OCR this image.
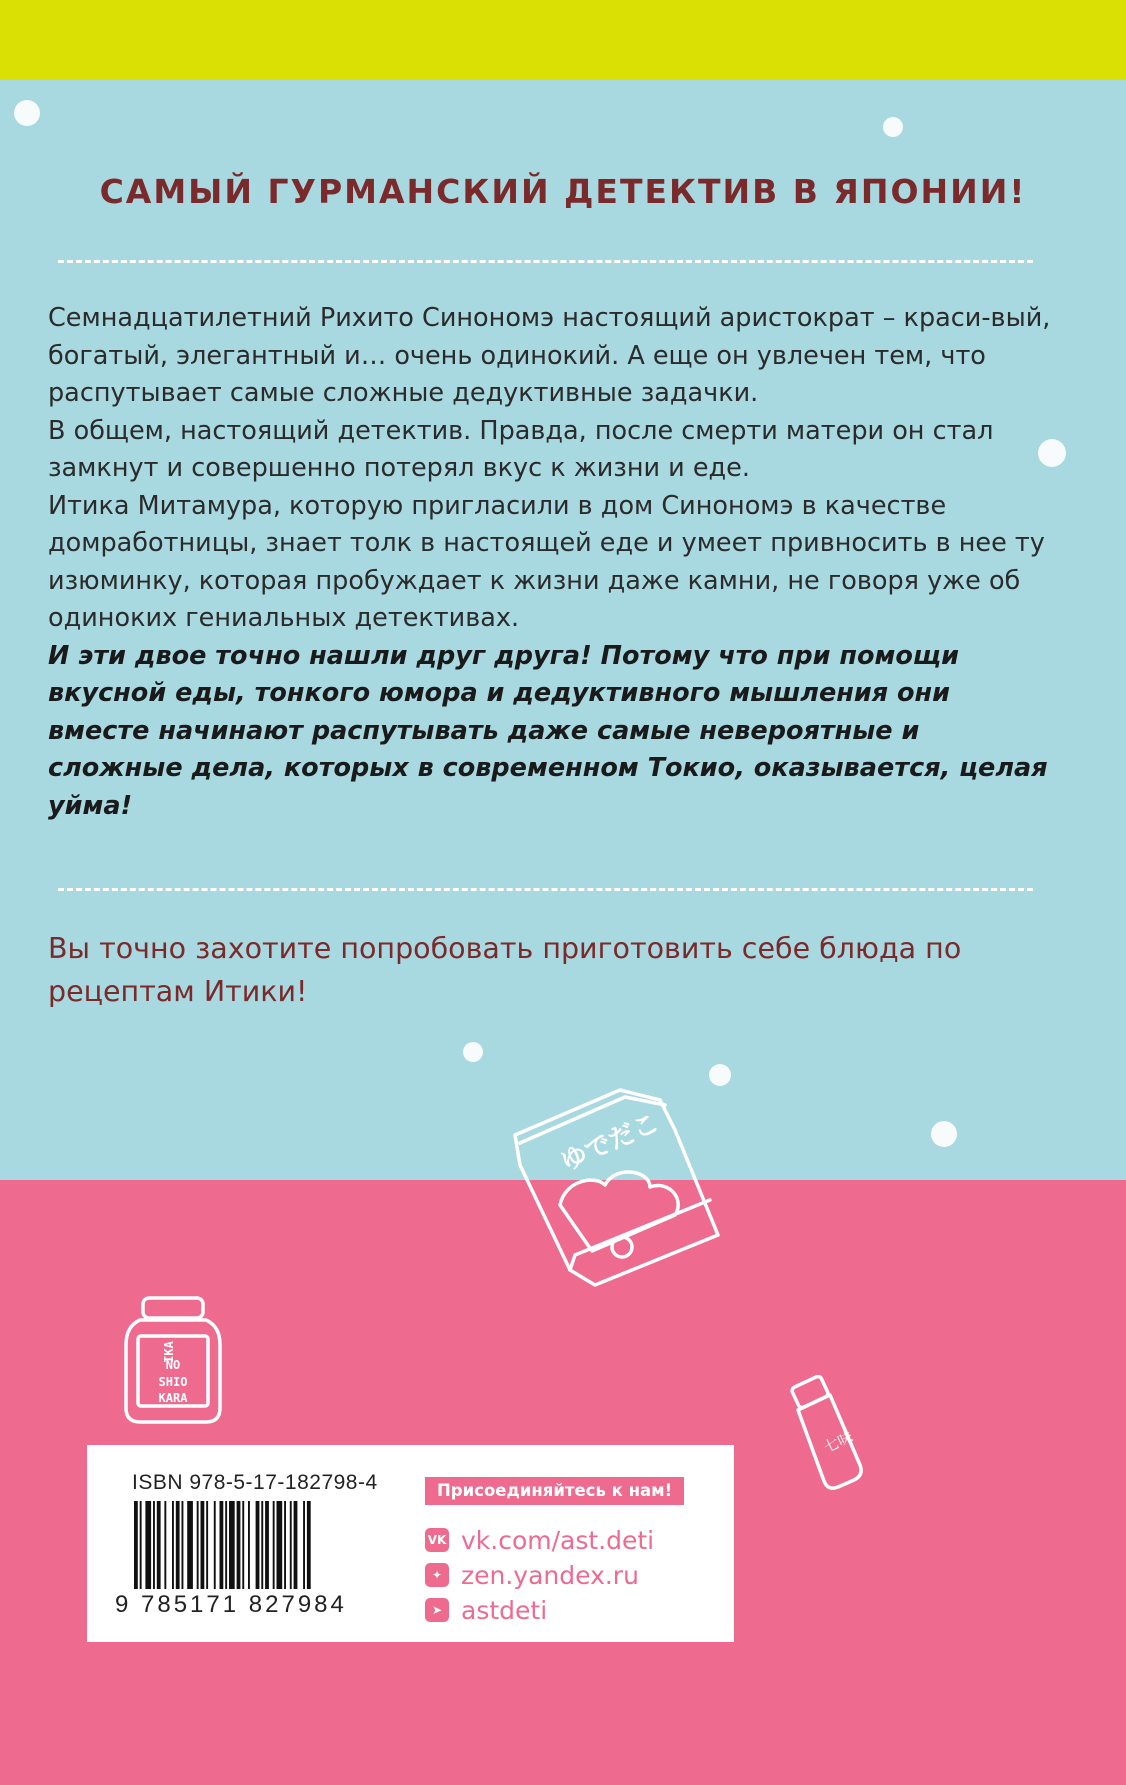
САМЫЙ ГУРМАНСКИЙ ДЕТЕКТИВ В ЯПОНИИ!

Семнадцатилетний Рихито Синономэ настоящий аристократ – краси-вый, богатый, элегантный и… очень одинокий. А еще он увлечен тем, что распутывает самые сложные дедуктивные задачки.

В общем, настоящий детектив. Правда, после смерти матери он стал замкнут и совершенно потерял вкус к жизни и еде.

Итика Митамура, которую пригласили в дом Синономэ в качестве домработницы, знает толк в настоящей еде и умеет привносить в нее ту изюминку, которая пробуждает к жизни даже камни, не говоря уже об одиноких гениальных детективах.

И эти двое точно нашли друг друга! Потому что при помощи вкусной еды, тонкого юмора и дедуктивного мышления они вместе начинают распутывать даже самые невероятные и сложные дела, которых в современном Токио, оказывается, целая уйма!

Вы точно захотите попробовать приготовить себе блюда по рецептам Итики!
ゆでだこ
IKA
NO
SHIO
KARA
七味
ISBN 978-5-17-182798-4
9 785171 827984
Присоединяйтесь к нам!
VK vk.com/ast.deti
✦ zen.yandex.ru
➤ astdeti
